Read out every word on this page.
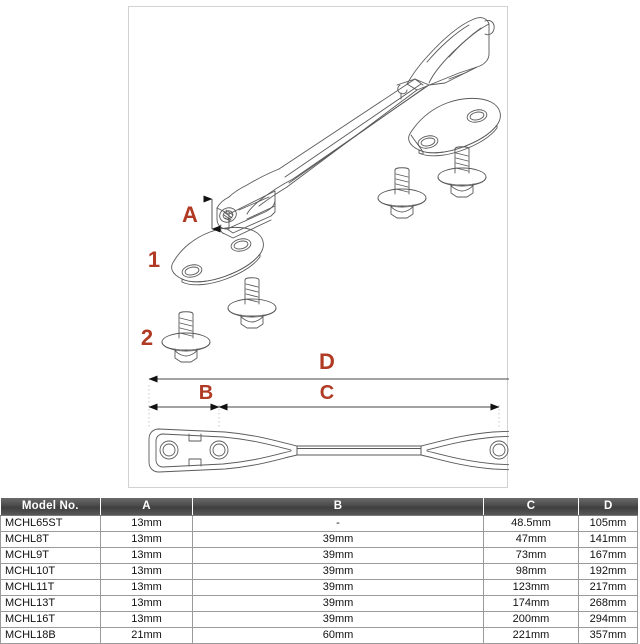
A
1
2
D
B	C
Model No.	A	B	C	D
MCHL65ST	13mm	-	48.5mm	105mm
MCHL8T	13mm	39mm	47mm	141mm
MCHL9T	13mm	39mm	73mm	167mm
MCHL10T	13mm	39mm	98mm	192mm
MCHL11T	13mm	39mm	123mm	217mm
MCHL13T	13mm	39mm	174mm	268mm
MCHL16T	13mm	39mm	200mm	294mm
MCHL18B	21mm	60mm	221mm	357mm
